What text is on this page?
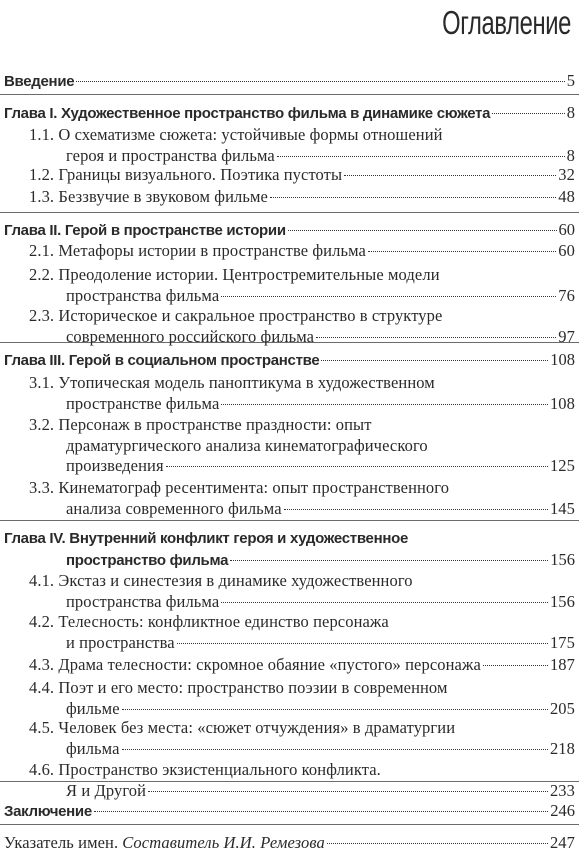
Оглавление
Введение	5
Глава I. Художественное пространство фильма в динамике сюжета	8
1.1. О схематизме сюжета: устойчивые формы отношений
героя и пространства фильма	8
1.2. Границы визуального. Поэтика пустоты	32
1.3. Беззвучие в звуковом фильме	48
Глава II. Герой в пространстве истории	60
2.1. Метафоры истории в пространстве фильма	60
2.2. Преодоление истории. Центростремительные модели
пространства фильма	76
2.3. Историческое и сакральное пространство в структуре
современного российского фильма	97
Глава III. Герой в социальном пространстве	108
3.1. Утопическая модель паноптикума в художественном
пространстве фильма	108
3.2. Персонаж в пространстве праздности: опыт
драматургического анализа кинематографического
произведения	125
3.3. Кинематограф ресентимента: опыт пространственного
анализа современного фильма	145
Глава IV. Внутренний конфликт героя и художественное
пространство фильма	156
4.1. Экстаз и синестезия в динамике художественного
пространства фильма	156
4.2. Телесность: конфликтное единство персонажа
и пространства	175
4.3. Драма телесности: скромное обаяние «пустого» персонажа	187
4.4. Поэт и его место: пространство поэзии в современном
фильме	205
4.5. Человек без места: «сюжет отчуждения» в драматургии
фильма	218
4.6. Пространство экзистенциального конфликта.
Я и Другой	233
Заключение	246
Указатель имен.
Составитель И.И. Ремезова	247
